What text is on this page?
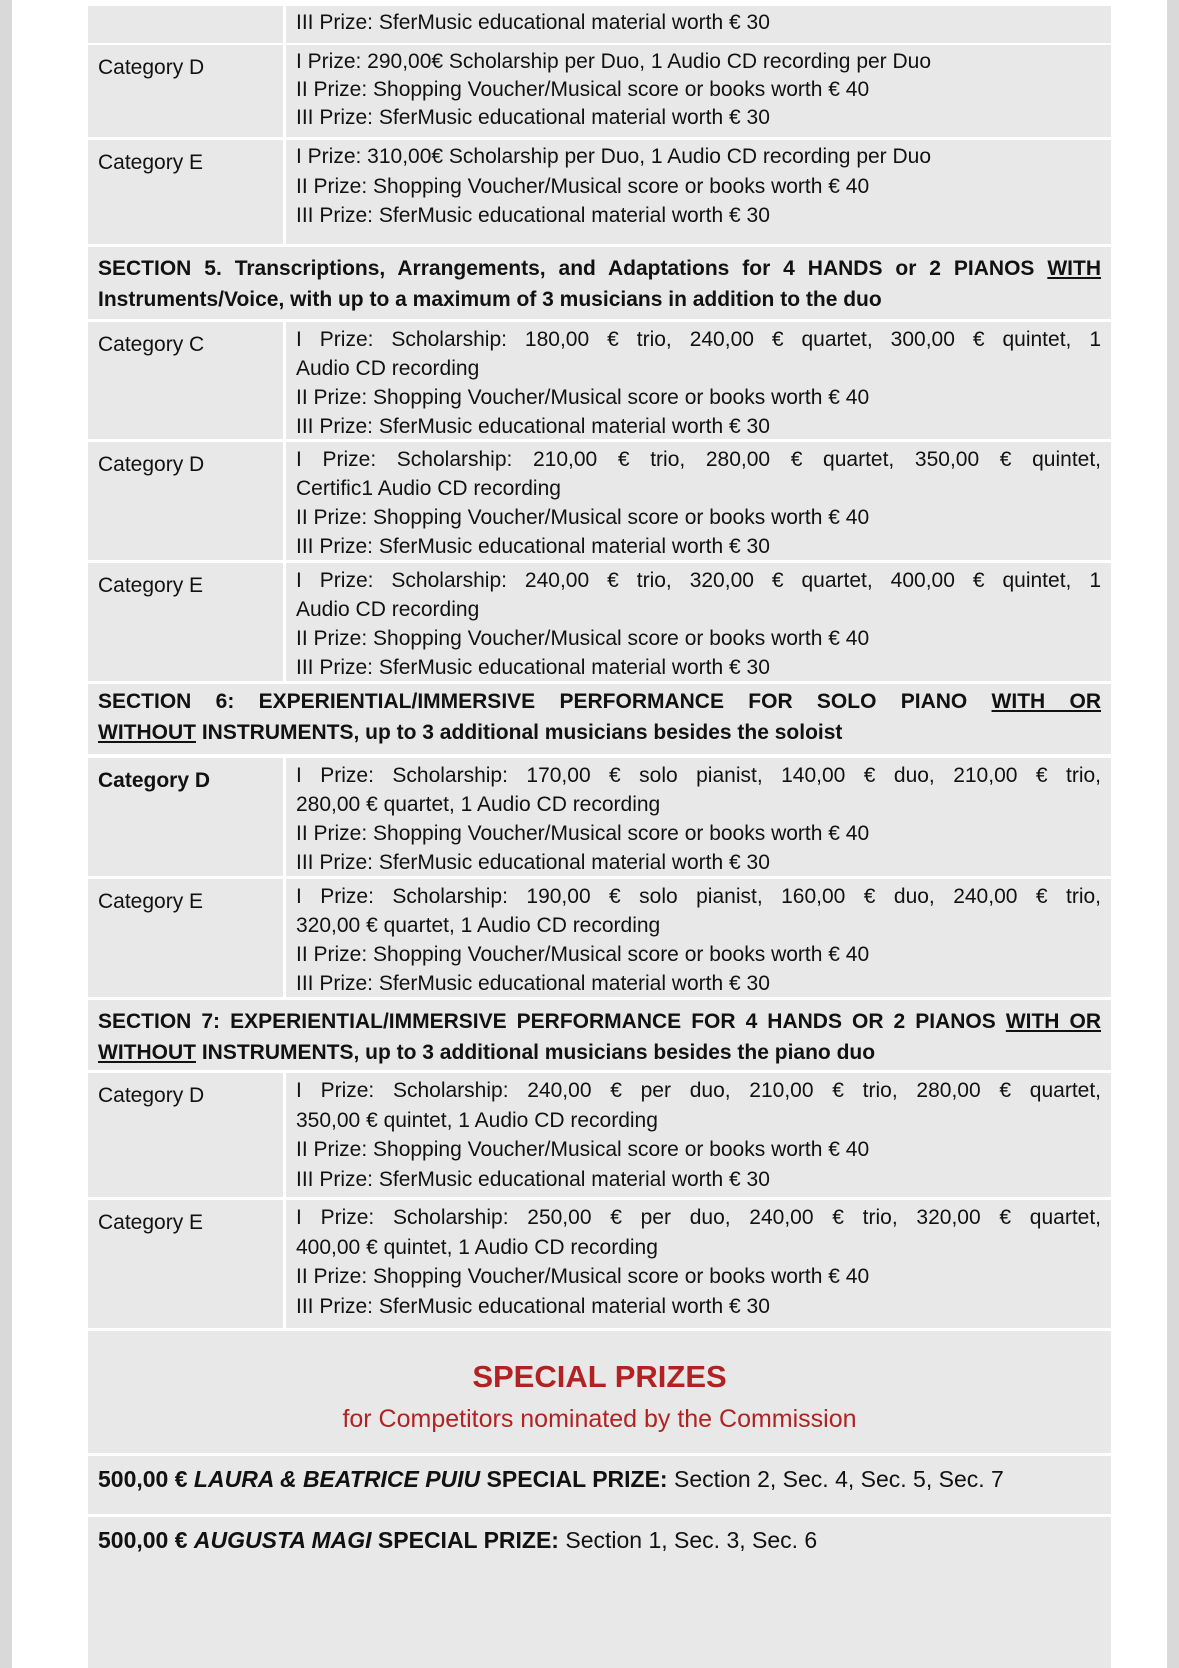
III Prize: SferMusic educational material worth € 30
Category D	I Prize: 290,00€ Scholarship per Duo, 1 Audio CD recording per Duo
II Prize: Shopping Voucher/Musical score or books worth € 40
III Prize: SferMusic educational material worth € 30
Category E	I Prize: 310,00€ Scholarship per Duo, 1 Audio CD recording per Duo
II Prize: Shopping Voucher/Musical score or books worth € 40
III Prize: SferMusic educational material worth € 30
SECTION 5. Transcriptions, Arrangements, and Adaptations for 4 HANDS or 2 PIANOS WITH
Instruments/Voice, with up to a maximum of 3 musicians in addition to the duo
Category C	I Prize: Scholarship: 180,00 € trio, 240,00 € quartet, 300,00 € quintet, 1
Audio CD recording
II Prize: Shopping Voucher/Musical score or books worth € 40
III Prize: SferMusic educational material worth € 30
Category D	I Prize: Scholarship: 210,00 € trio, 280,00 € quartet, 350,00 € quintet,
Certific1 Audio CD recording
II Prize: Shopping Voucher/Musical score or books worth € 40
III Prize: SferMusic educational material worth € 30
Category E	I Prize: Scholarship: 240,00 € trio, 320,00 € quartet, 400,00 € quintet, 1
Audio CD recording
II Prize: Shopping Voucher/Musical score or books worth € 40
III Prize: SferMusic educational material worth € 30
SECTION 6: EXPERIENTIAL/IMMERSIVE PERFORMANCE FOR SOLO PIANO WITH OR
WITHOUT INSTRUMENTS, up to 3 additional musicians besides the soloist
Category D	I Prize: Scholarship: 170,00 € solo pianist, 140,00 € duo, 210,00 € trio,
280,00 € quartet, 1 Audio CD recording
II Prize: Shopping Voucher/Musical score or books worth € 40
III Prize: SferMusic educational material worth € 30
Category E	I Prize: Scholarship: 190,00 € solo pianist, 160,00 € duo, 240,00 € trio,
320,00 € quartet, 1 Audio CD recording
II Prize: Shopping Voucher/Musical score or books worth € 40
III Prize: SferMusic educational material worth € 30
SECTION 7: EXPERIENTIAL/IMMERSIVE PERFORMANCE FOR 4 HANDS OR 2 PIANOS WITH OR
WITHOUT INSTRUMENTS, up to 3 additional musicians besides the piano duo
Category D	I Prize: Scholarship: 240,00 € per duo, 210,00 € trio, 280,00 € quartet,
350,00 € quintet, 1 Audio CD recording
II Prize: Shopping Voucher/Musical score or books worth € 40
III Prize: SferMusic educational material worth € 30
Category E	I Prize: Scholarship: 250,00 € per duo, 240,00 € trio, 320,00 € quartet,
400,00 € quintet, 1 Audio CD recording
II Prize: Shopping Voucher/Musical score or books worth € 40
III Prize: SferMusic educational material worth € 30
SPECIAL PRIZES
for Competitors nominated by the Commission
500,00 € LAURA & BEATRICE PUIU SPECIAL PRIZE: Section 2, Sec. 4, Sec. 5, Sec. 7
500,00 € AUGUSTA MAGI SPECIAL PRIZE: Section 1, Sec. 3, Sec. 6
